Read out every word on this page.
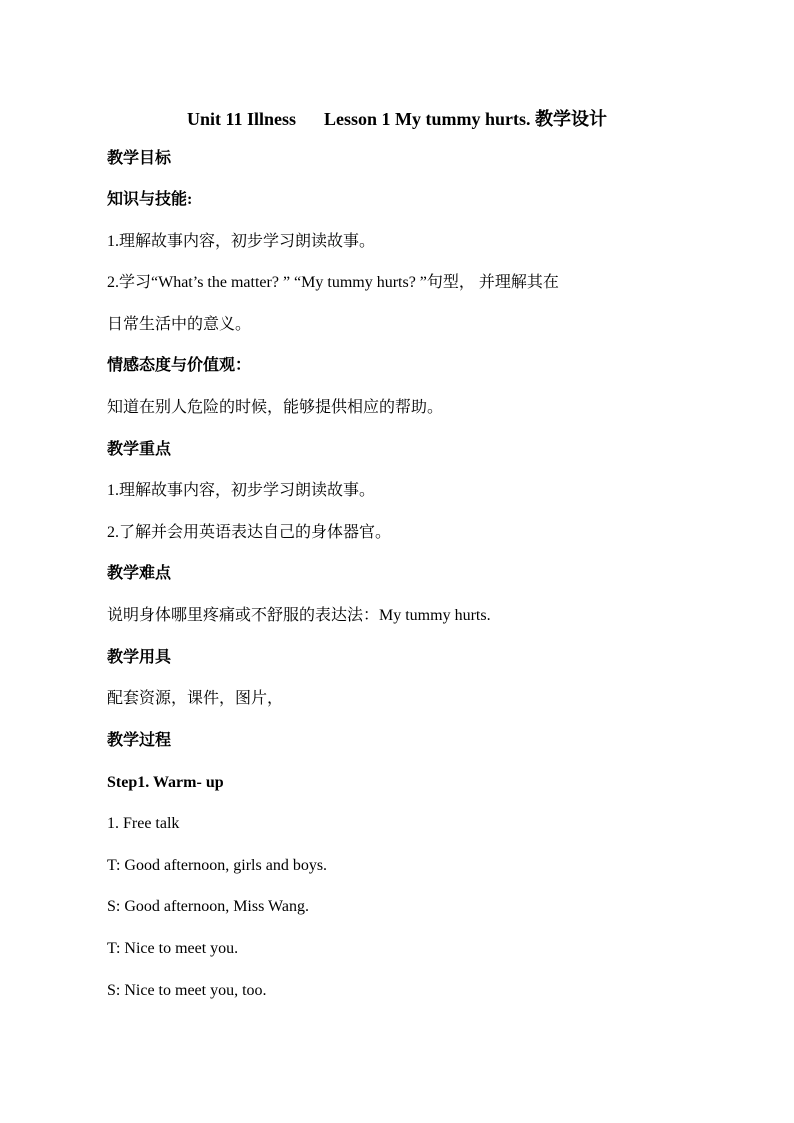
Unit 11 Illness Lesson 1 My tummy hurts. 教学设计
教学目标
知识与技能:
1.理解故事内容，初步学习朗读故事。
2.学习“What’s the matter? ” “My tummy hurts? ”句型， 并理解其在
日常生活中的意义。
情感态度与价值观：
知道在别人危险的时候，能够提供相应的帮助。
教学重点
1.理解故事内容，初步学习朗读故事。
2.了解并会用英语表达自己的身体器官。
教学难点
说明身体哪里疼痛或不舒服的表达法：My tummy hurts.
教学用具
配套资源，课件，图片，
教学过程
Step1. Warm- up
1. Free talk
T: Good afternoon, girls and boys.
S: Good afternoon, Miss Wang.
T: Nice to meet you.
S: Nice to meet you, too.
